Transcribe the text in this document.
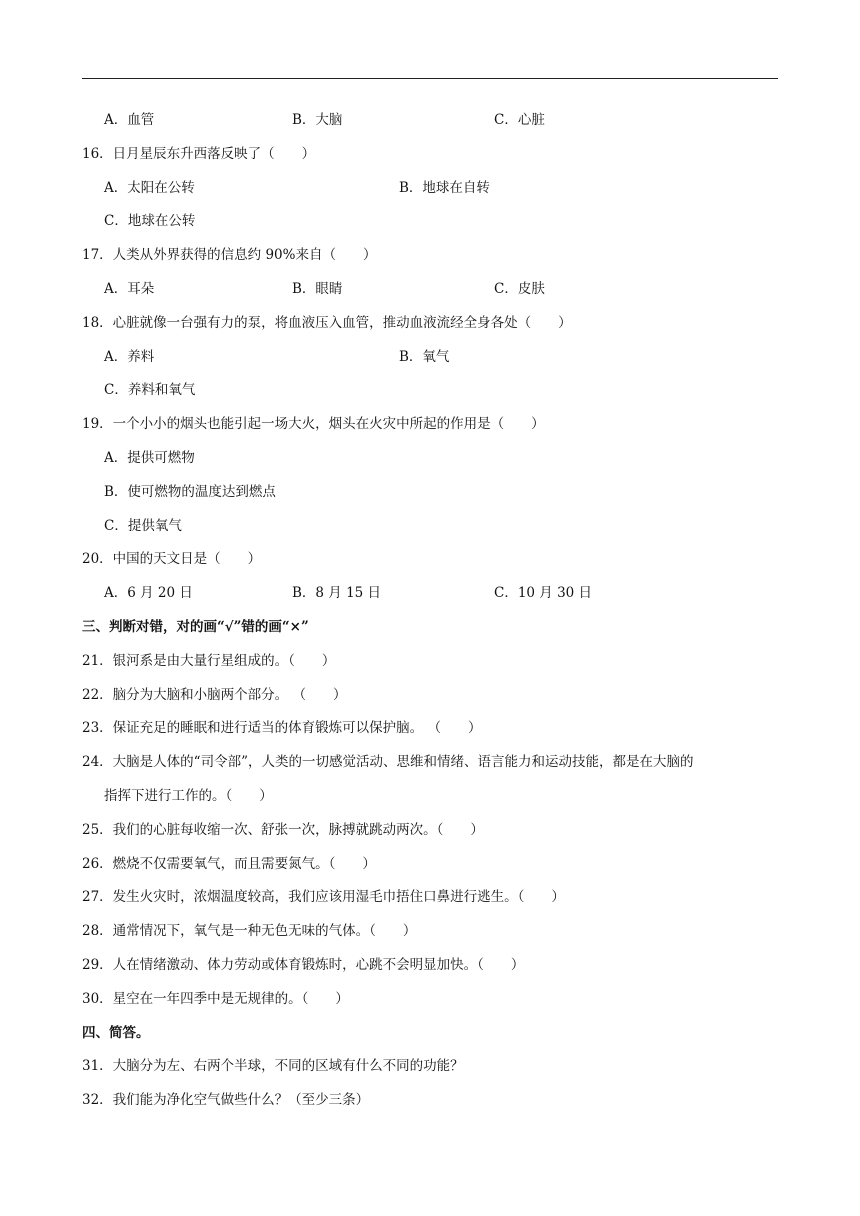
A．血管	B．大脑	C．心脏
16．日月星辰东升西落反映了（　　）
A．太阳在公转	B．地球在自转
C．地球在公转
17．人类从外界获得的信息约 90%来自（　　）
A．耳朵	B．眼睛	C．皮肤
18．心脏就像一台强有力的泵，将血液压入血管，推动血液流经全身各处（　　）
A．养料	B．氧气
C．养料和氧气
19．一个小小的烟头也能引起一场大火，烟头在火灾中所起的作用是（　　）
A．提供可燃物
B．使可燃物的温度达到燃点
C．提供氧气
20．中国的天文日是（　　）
A．6 月 20 日	B．8 月 15 日	C．10 月 30 日
三、判断对错，对的画“√”错的画“×”
21．银河系是由大量行星组成的。（　　）
22．脑分为大脑和小脑两个部分。 （　　）
23．保证充足的睡眠和进行适当的体育锻炼可以保护脑。 （　　）
24．大脑是人体的“司令部”，人类的一切感觉活动、思维和情绪、语言能力和运动技能，都是在大脑的
指挥下进行工作的。（　　）
25．我们的心脏每收缩一次、舒张一次，脉搏就跳动两次。（　　）
26．燃烧不仅需要氧气，而且需要氮气。（　　）
27．发生火灾时，浓烟温度较高，我们应该用湿毛巾捂住口鼻进行逃生。（　　）
28．通常情况下，氧气是一种无色无味的气体。（　　）
29．人在情绪激动、体力劳动或体育锻炼时，心跳不会明显加快。（　　）
30．星空在一年四季中是无规律的。（　　）
四、简答。
31．大脑分为左、右两个半球，不同的区域有什么不同的功能？
32．我们能为净化空气做些什么？（至少三条）
